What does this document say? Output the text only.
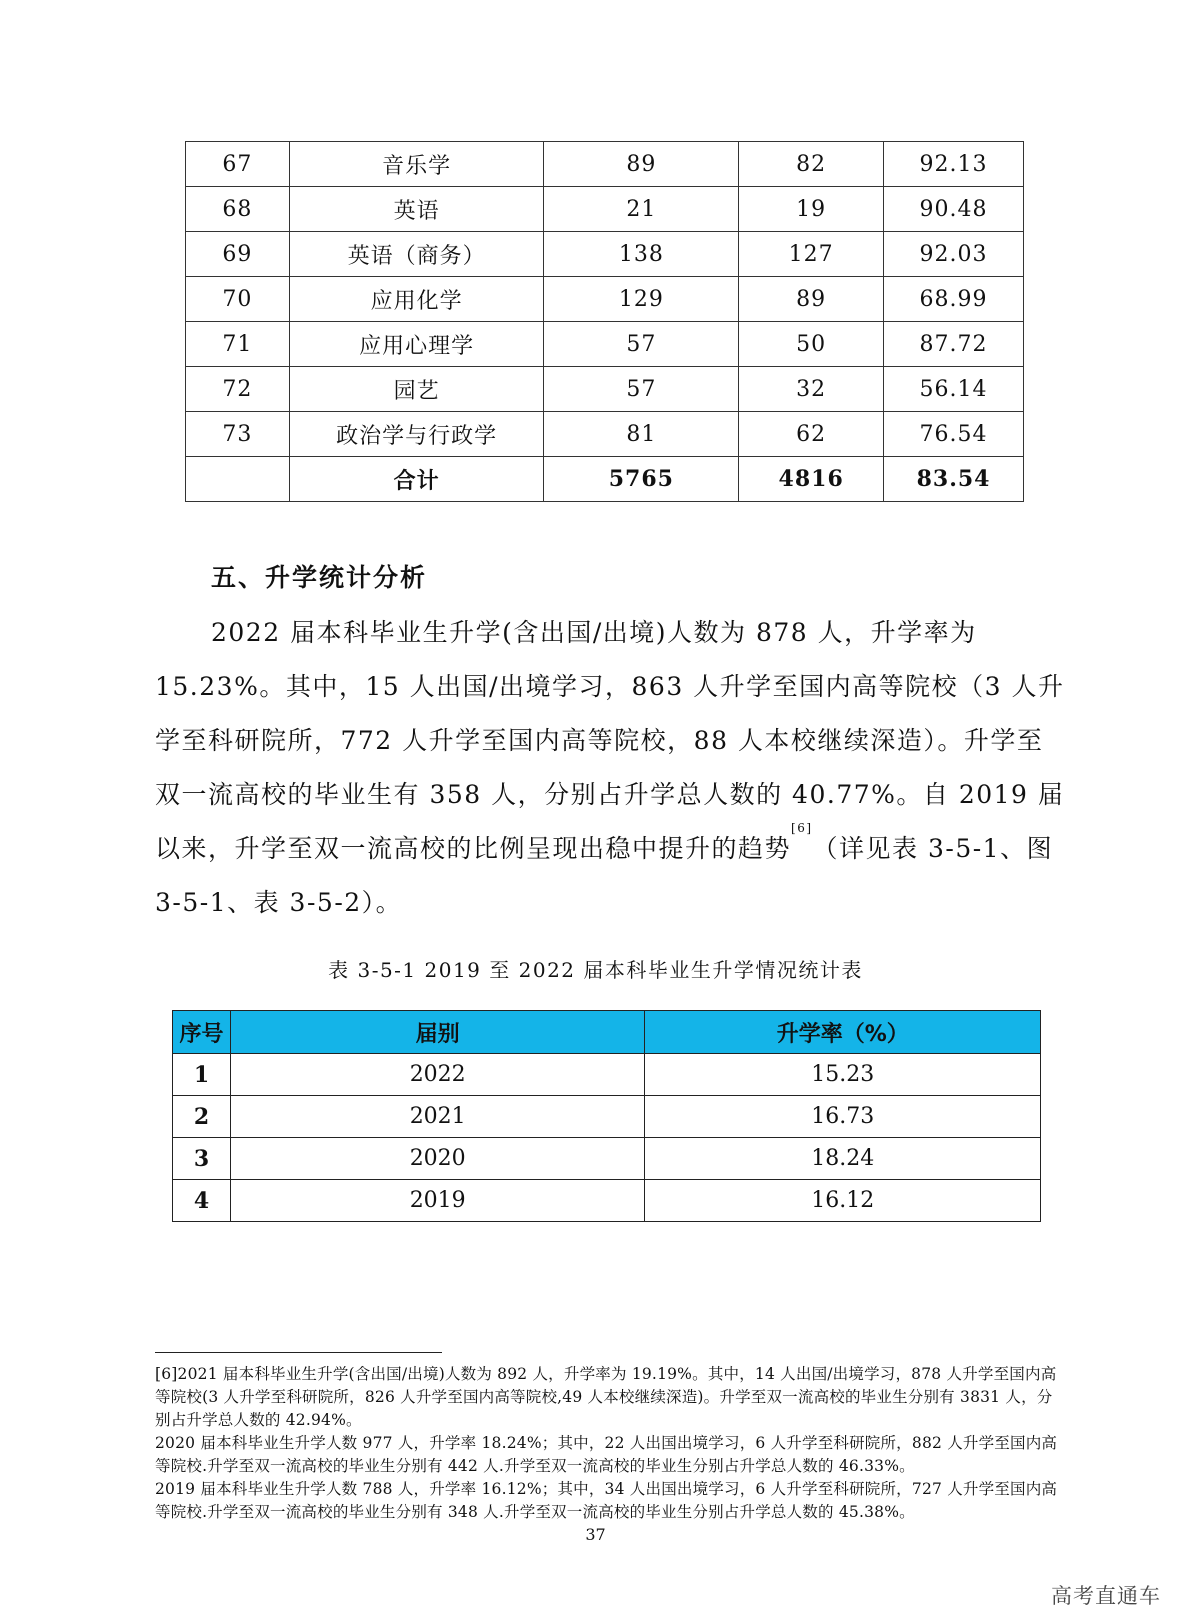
67	音乐学	89	82	92.13
68	英语	21	19	90.48
69	英语（商务）	138	127	92.03
70	应用化学	129	89	68.99
71	应用心理学	57	50	87.72
72	园艺	57	32	56.14
73	政治学与行政学	81	62	76.54
	合计	5765	4816	83.54
五、升学统计分析

2022 届本科毕业生升学(含出国/出境)人数为 878 人，升学率为 15.23%。其中，15 人出国/出境学习，863 人升学至国内高等院校（3 人升学至科研院所，772 人升学至国内高等院校，88 人本校继续深造）。升学至双一流高校的毕业生有 358 人，分别占升学总人数的 40.77%。自 2019 届以来，升学至双一流高校的比例呈现出稳中提升的趋势[6]（详见表 3-5-1、图 3-5-1、表 3-5-2）。

表 3-5-1 2019 至 2022 届本科毕业生升学情况统计表
序号	届别	升学率（%）
1	2022	15.23
2	2021	16.73
3	2020	18.24
4	2019	16.12

[6]2021 届本科毕业生升学(含出国/出境)人数为 892 人，升学率为 19.19%。其中，14 人出国/出境学习，878 人升学至国内高等院校(3 人升学至科研院所，826 人升学至国内高等院校,49 人本校继续深造)。升学至双一流高校的毕业生分别有 3831 人，分别占升学总人数的 42.94%。

2020 届本科毕业生升学人数 977 人，升学率 18.24%；其中，22 人出国出境学习，6 人升学至科研院所，882 人升学至国内高等院校.升学至双一流高校的毕业生分别有 442 人.升学至双一流高校的毕业生分别占升学总人数的 46.33%。

2019 届本科毕业生升学人数 788 人，升学率 16.12%；其中，34 人出国出境学习，6 人升学至科研院所，727 人升学至国内高等院校.升学至双一流高校的毕业生分别有 348 人.升学至双一流高校的毕业生分别占升学总人数的 45.38%。

37
高考直通车
